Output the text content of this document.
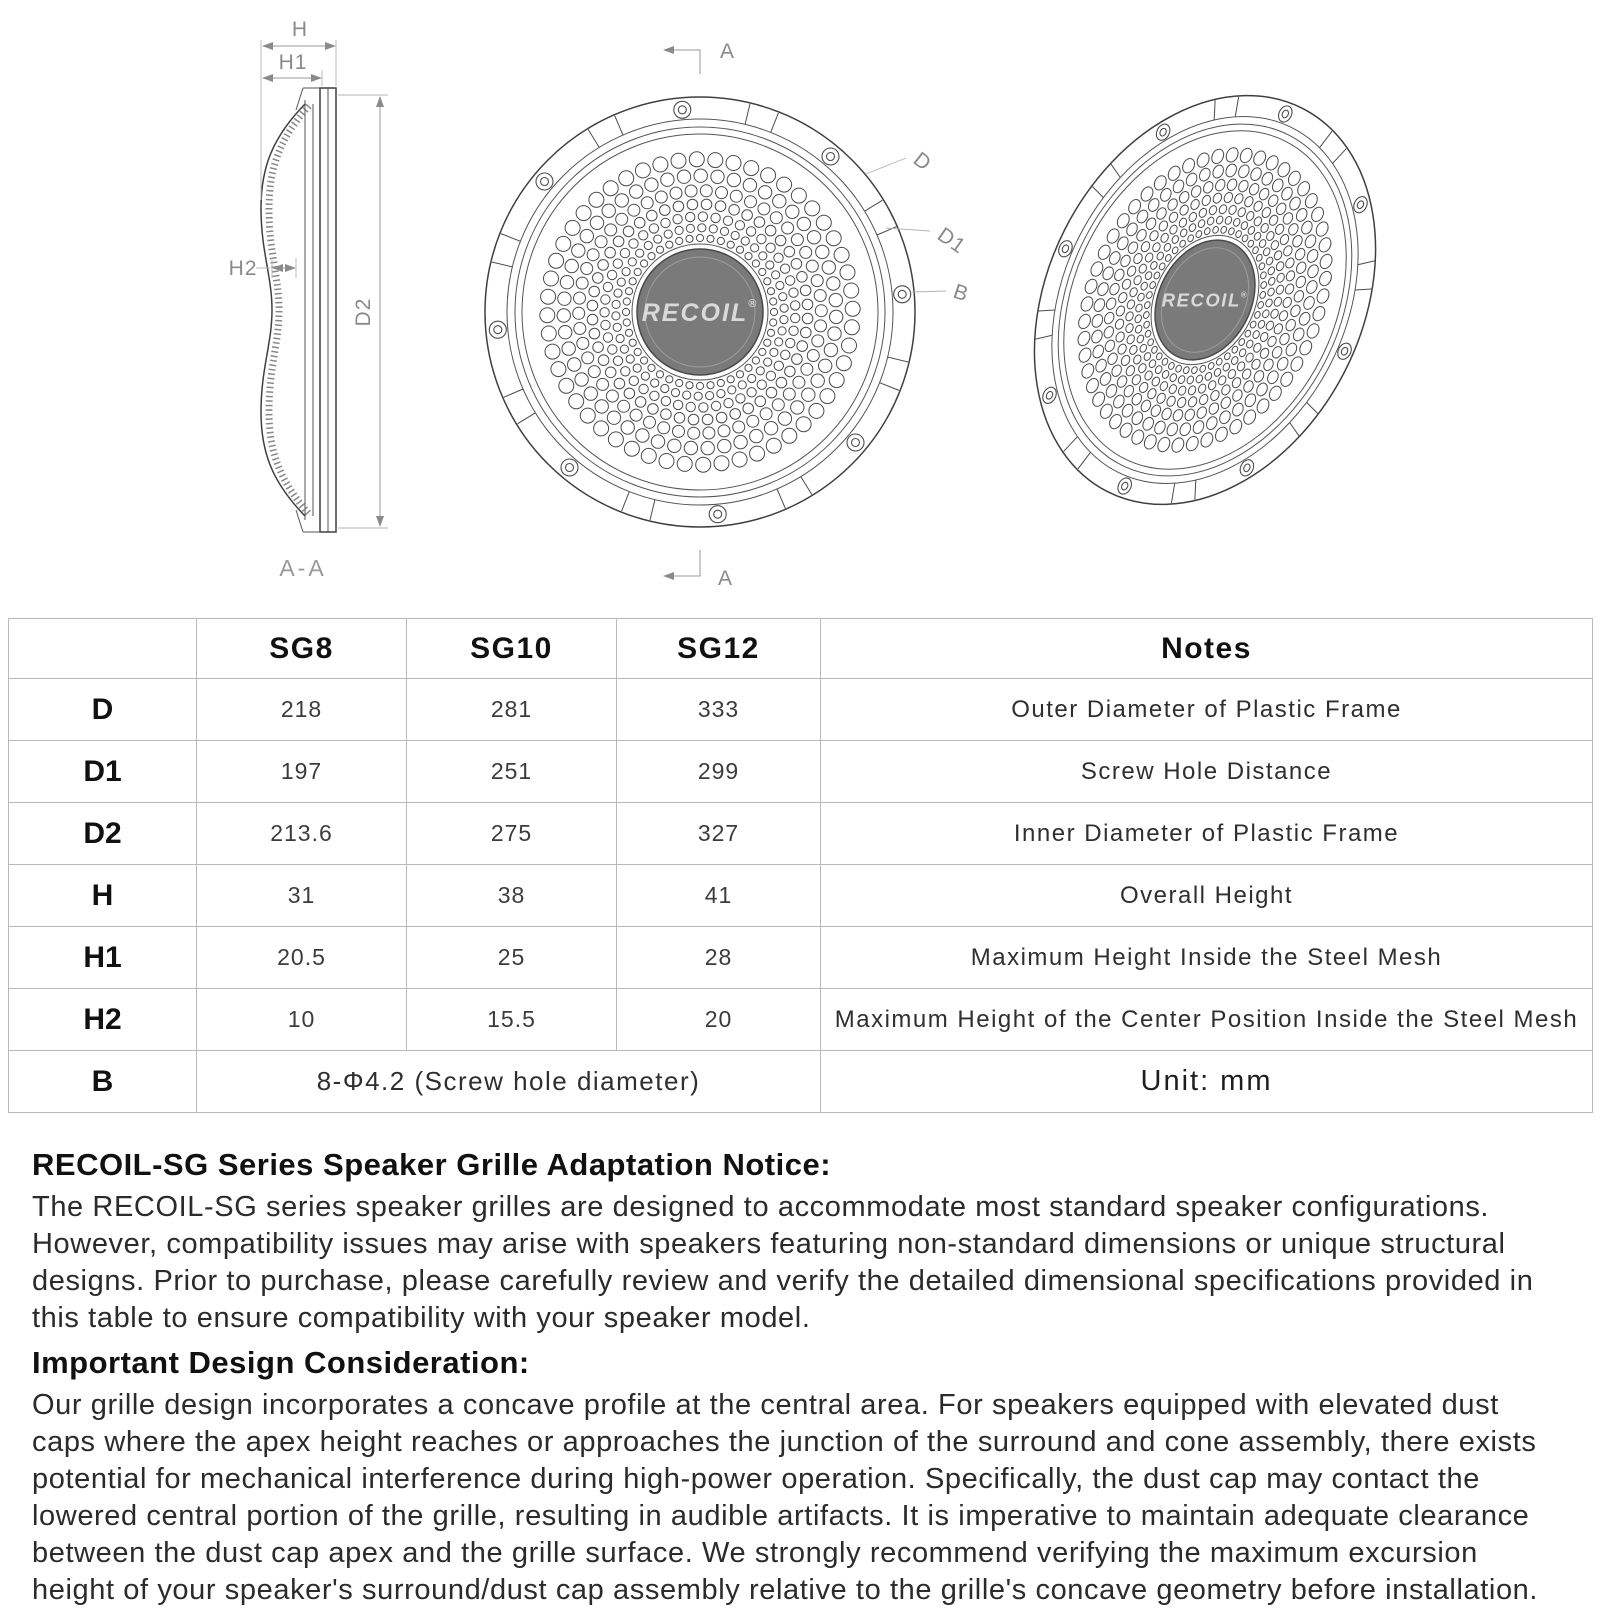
H
H1
H2
D2
A-A
RECOIL®
A
A
D
D1
B	RECOIL®
	SG8	SG10	SG12	Notes
D	218	281	333	Outer Diameter of Plastic Frame
D1	197	251	299	Screw Hole Distance
D2	213.6	275	327	Inner Diameter of Plastic Frame
H	31	38	41	Overall Height
H1	20.5	25	28	Maximum Height Inside the Steel Mesh
H2	10	15.5	20	Maximum Height of the Center Position Inside the Steel Mesh
B	8-Φ4.2 (Screw hole diameter)			Unit: mm
RECOIL-SG Series Speaker Grille Adaptation Notice:

The RECOIL-SG series speaker grilles are designed to accommodate most standard speaker configurations. However, compatibility issues may arise with speakers featuring non-standard dimensions or unique structural designs. Prior to purchase, please carefully review and verify the detailed dimensional specifications provided in this table to ensure compatibility with your speaker model.

Important Design Consideration:

Our grille design incorporates a concave profile at the central area. For speakers equipped with elevated dust caps where the apex height reaches or approaches the junction of the surround and cone assembly, there exists potential for mechanical interference during high-power operation. Specifically, the dust cap may contact the lowered central portion of the grille, resulting in audible artifacts. It is imperative to maintain adequate clearance between the dust cap apex and the grille surface. We strongly recommend verifying the maximum excursion height of your speaker's surround/dust cap assembly relative to the grille's concave geometry before installation.
